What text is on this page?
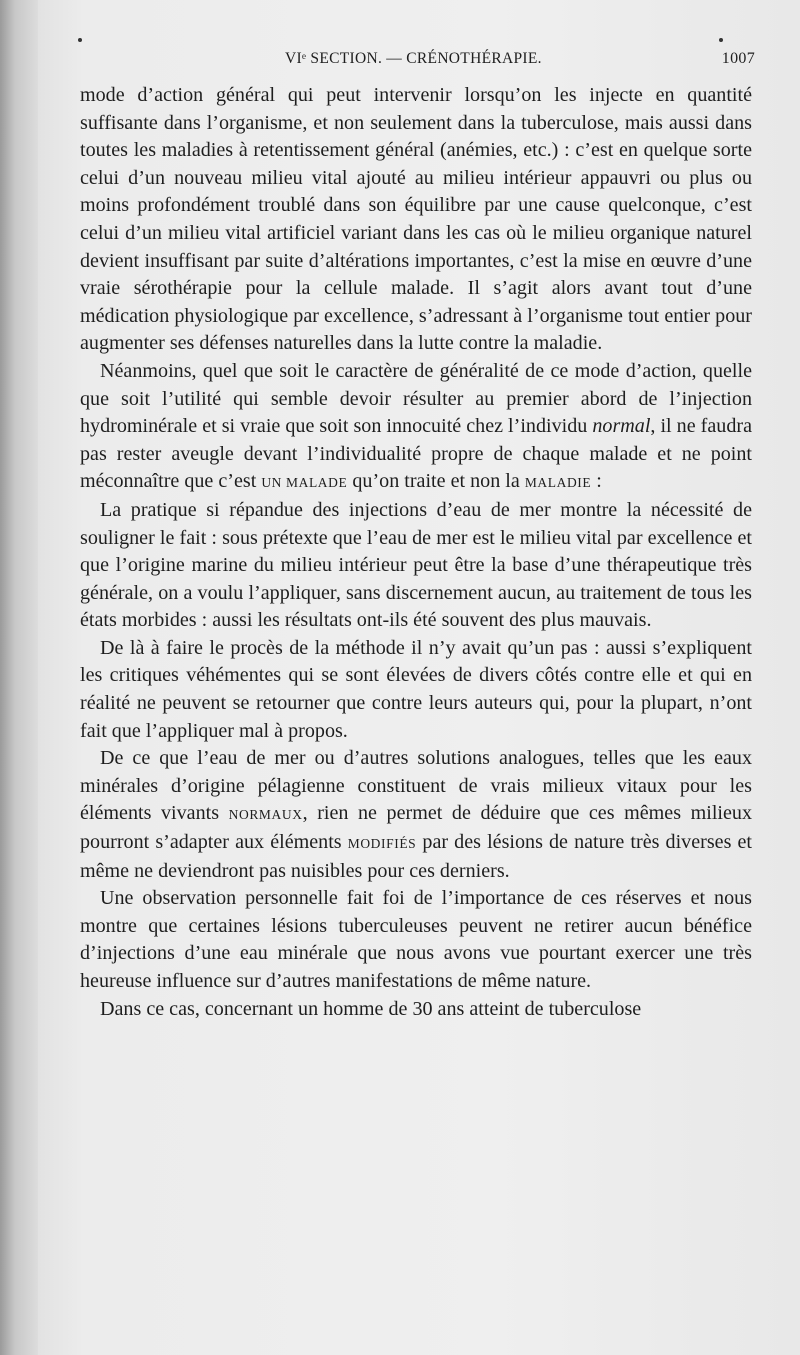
VIᵉ SECTION. — CRÉNOTHÉRAPIE.	1007

mode d’action général qui peut intervenir lorsqu’on les injecte en quantité suffisante dans l’organisme, et non seulement dans la tuberculose, mais aussi dans toutes les maladies à retentissement général (anémies, etc.) : c’est en quelque sorte celui d’un nouveau milieu vital ajouté au milieu intérieur appauvri ou plus ou moins profondément troublé dans son équilibre par une cause quelconque, c’est celui d’un milieu vital artificiel variant dans les cas où le milieu organique naturel devient insuffisant par suite d’altérations importantes, c’est la mise en œuvre d’une vraie sérothérapie pour la cellule malade. Il s’agit alors avant tout d’une médication physiologique par excellence, s’adressant à l’organisme tout entier pour augmenter ses défenses naturelles dans la lutte contre la maladie.

Néanmoins, quel que soit le caractère de généralité de ce mode d’action, quelle que soit l’utilité qui semble devoir résulter au premier abord de l’injection hydrominérale et si vraie que soit son innocuité chez l’individu normal, il ne faudra pas rester aveugle devant l’individualité propre de chaque malade et ne point méconnaître que c’est UN MALADE qu’on traite et non la MALADIE :

La pratique si répandue des injections d’eau de mer montre la nécessité de souligner le fait : sous prétexte que l’eau de mer est le milieu vital par excellence et que l’origine marine du milieu intérieur peut être la base d’une thérapeutique très générale, on a voulu l’appliquer, sans discernement aucun, au traitement de tous les états morbides : aussi les résultats ont-ils été souvent des plus mauvais.

De là à faire le procès de la méthode il n’y avait qu’un pas : aussi s’expliquent les critiques véhémentes qui se sont élevées de divers côtés contre elle et qui en réalité ne peuvent se retourner que contre leurs auteurs qui, pour la plupart, n’ont fait que l’appliquer mal à propos.

De ce que l’eau de mer ou d’autres solutions analogues, telles que les eaux minérales d’origine pélagienne constituent de vrais milieux vitaux pour les éléments vivants NORMAUX, rien ne permet de déduire que ces mêmes milieux pourront s’adapter aux éléments MODIFIÉS par des lésions de nature très diverses et même ne deviendront pas nuisibles pour ces derniers.

Une observation personnelle fait foi de l’importance de ces réserves et nous montre que certaines lésions tuberculeuses peuvent ne retirer aucun bénéfice d’injections d’une eau minérale que nous avons vue pourtant exercer une très heureuse influence sur d’autres manifestations de même nature.

Dans ce cas, concernant un homme de 30 ans atteint de tuberculose
